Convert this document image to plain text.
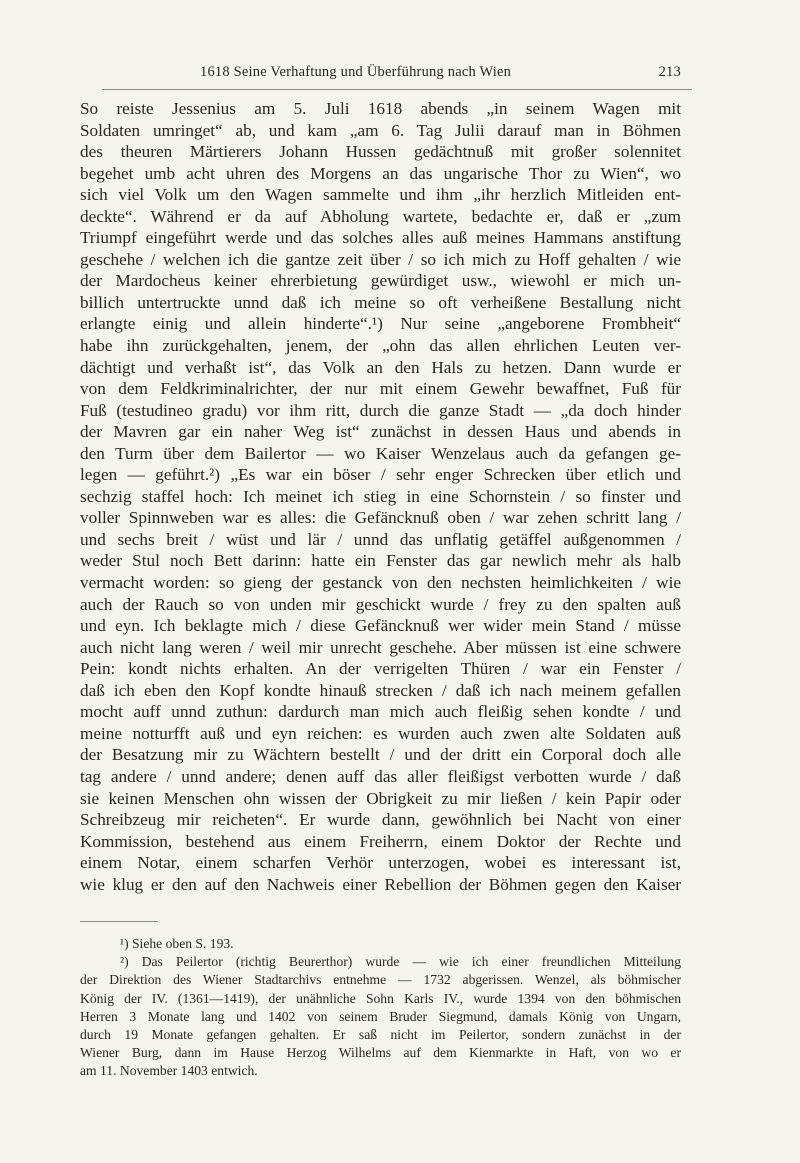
1618 Seine Verhaftung und Überführung nach Wien	213
So reiste Jessenius am 5. Juli 1618 abends „in seinem Wagen mit
Soldaten umringet“ ab, und kam „am 6. Tag Julii darauf man in Böhmen
des theuren Märtierers Johann Hussen gedächtnuß mit großer solennitet
begehet umb acht uhren des Morgens an das ungarische Thor zu Wien“, wo
sich viel Volk um den Wagen sammelte und ihm „ihr herzlich Mitleiden ent-
deckte“. Während er da auf Abholung wartete, bedachte er, daß er „zum
Triumpf eingeführt werde und das solches alles auß meines Hammans anstiftung
geschehe / welchen ich die gantze zeit über / so ich mich zu Hoff gehalten / wie
der Mardocheus keiner ehrerbietung gewürdiget usw., wiewohl er mich un-
billich untertruckte unnd daß ich meine so oft verheißene Bestallung nicht
erlangte einig und allein hinderte“.¹) Nur seine „angeborene Frombheit“
habe ihn zurückgehalten, jenem, der „ohn das allen ehrlichen Leuten ver-
dächtigt und verhaßt ist“, das Volk an den Hals zu hetzen. Dann wurde er
von dem Feldkriminalrichter, der nur mit einem Gewehr bewaffnet, Fuß für
Fuß (testudineo gradu) vor ihm ritt, durch die ganze Stadt — „da doch hinder
der Mavren gar ein naher Weg ist“ zunächst in dessen Haus und abends in
den Turm über dem Bailertor — wo Kaiser Wenzelaus auch da gefangen ge-
legen — geführt.²) „Es war ein böser / sehr enger Schrecken über etlich und
sechzig staffel hoch: Ich meinet ich stieg in eine Schornstein / so finster und
voller Spinnweben war es alles: die Gefäncknuß oben / war zehen schritt lang /
und sechs breit / wüst und lär / unnd das unflatig getäffel außgenommen /
weder Stul noch Bett darinn: hatte ein Fenster das gar newlich mehr als halb
vermacht worden: so gieng der gestanck von den nechsten heimlichkeiten / wie
auch der Rauch so von unden mir geschickt wurde / frey zu den spalten auß
und eyn. Ich beklagte mich / diese Gefäncknuß wer wider mein Stand / müsse
auch nicht lang weren / weil mir unrecht geschehe. Aber müssen ist eine schwere
Pein: kondt nichts erhalten. An der verrigelten Thüren / war ein Fenster /
daß ich eben den Kopf kondte hinauß strecken / daß ich nach meinem gefallen
mocht auff unnd zuthun: dardurch man mich auch fleißig sehen kondte / und
meine notturfft auß und eyn reichen: es wurden auch zwen alte Soldaten auß
der Besatzung mir zu Wächtern bestellt / und der dritt ein Corporal doch alle
tag andere / unnd andere; denen auff das aller fleißigst verbotten wurde / daß
sie keinen Menschen ohn wissen der Obrigkeit zu mir ließen / kein Papir oder
Schreibzeug mir reicheten“. Er wurde dann, gewöhnlich bei Nacht von einer
Kommission, bestehend aus einem Freiherrn, einem Doktor der Rechte und
einem Notar, einem scharfen Verhör unterzogen, wobei es interessant ist,
wie klug er den auf den Nachweis einer Rebellion der Böhmen gegen den Kaiser
¹) Siehe oben S. 193.
²) Das Peilertor (richtig Beurerthor) wurde — wie ich einer freundlichen Mitteilung
der Direktion des Wiener Stadtarchivs entnehme — 1732 abgerissen. Wenzel, als böhmischer
König der IV. (1361—1419), der unähnliche Sohn Karls IV., wurde 1394 von den böhmischen
Herren 3 Monate lang und 1402 von seinem Bruder Siegmund, damals König von Ungarn,
durch 19 Monate gefangen gehalten. Er saß nicht im Peilertor, sondern zunächst in der
Wiener Burg, dann im Hause Herzog Wilhelms auf dem Kienmarkte in Haft, von wo er
am 11. November 1403 entwich.
